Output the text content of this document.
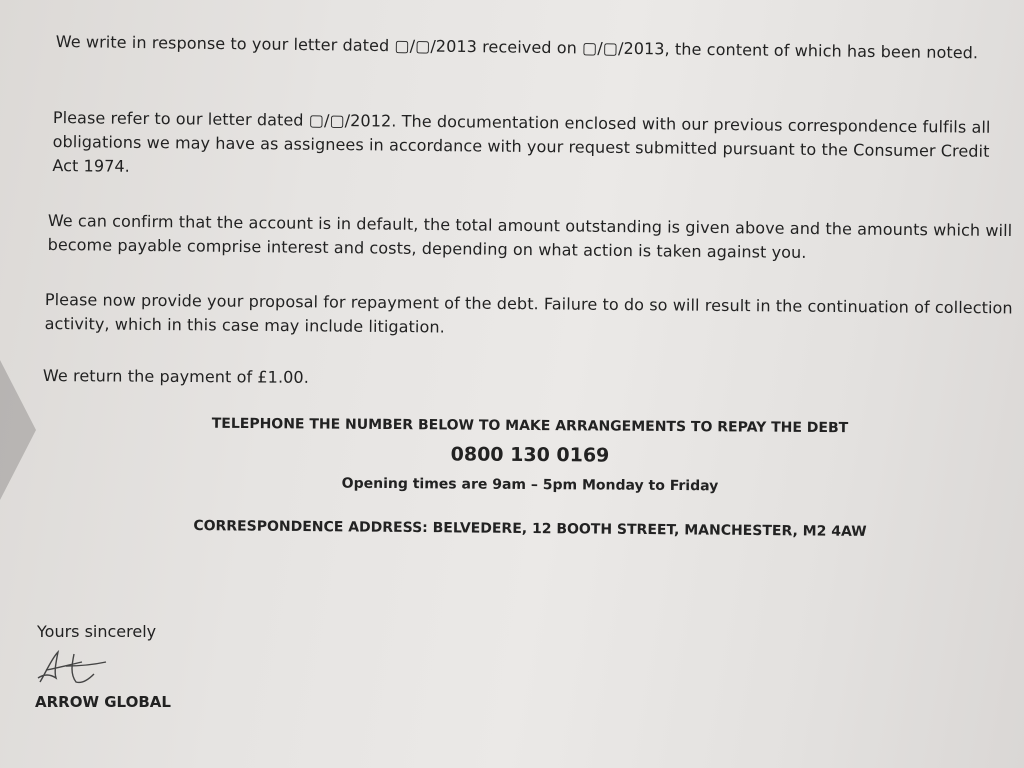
We write in response to your letter dated ▢/▢/2013 received on ▢/▢/2013, the content of which has been noted.

Please refer to our letter dated ▢/▢/2012. The documentation enclosed with our previous correspondence fulfils all obligations we may have as assignees in accordance with your request submitted pursuant to the Consumer Credit Act 1974.

We can confirm that the account is in default, the total amount outstanding is given above and the amounts which will become payable comprise interest and costs, depending on what action is taken against you.

Please now provide your proposal for repayment of the debt. Failure to do so will result in the continuation of collection activity, which in this case may include litigation.

We return the payment of £1.00.

TELEPHONE THE NUMBER BELOW TO MAKE ARRANGEMENTS TO REPAY THE DEBT
0800 130 0169
Opening times are 9am – 5pm Monday to Friday
CORRESPONDENCE ADDRESS: BELVEDERE, 12 BOOTH STREET, MANCHESTER, M2 4AW
Yours sincerely
ARROW GLOBAL
